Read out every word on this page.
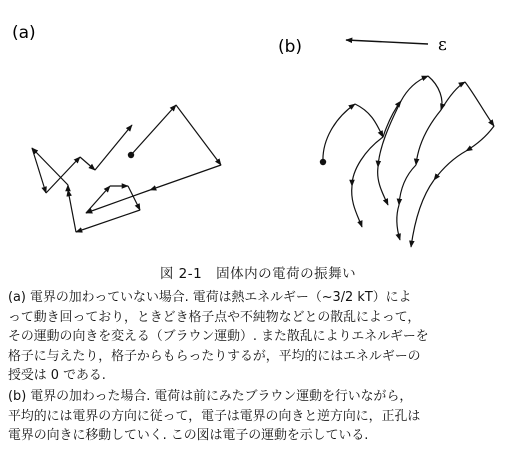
(a)
(b)	ε
図 2-1　固体内の電荷の振舞い
(a) 電界の加わっていない場合. 電荷は熱エネルギー（~3/2 kT）によ
って動き回っており，ときどき格子点や不純物などとの散乱によって，
その運動の向きを変える（ブラウン運動）. また散乱によりエネルギーを
格子に与えたり，格子からもらったりするが，平均的にはエネルギーの
授受は 0 である.
(b) 電界の加わった場合. 電荷は前にみたブラウン運動を行いながら，
平均的には電界の方向に従って，電子は電界の向きと逆方向に，正孔は
電界の向きに移動していく. この図は電子の運動を示している.
